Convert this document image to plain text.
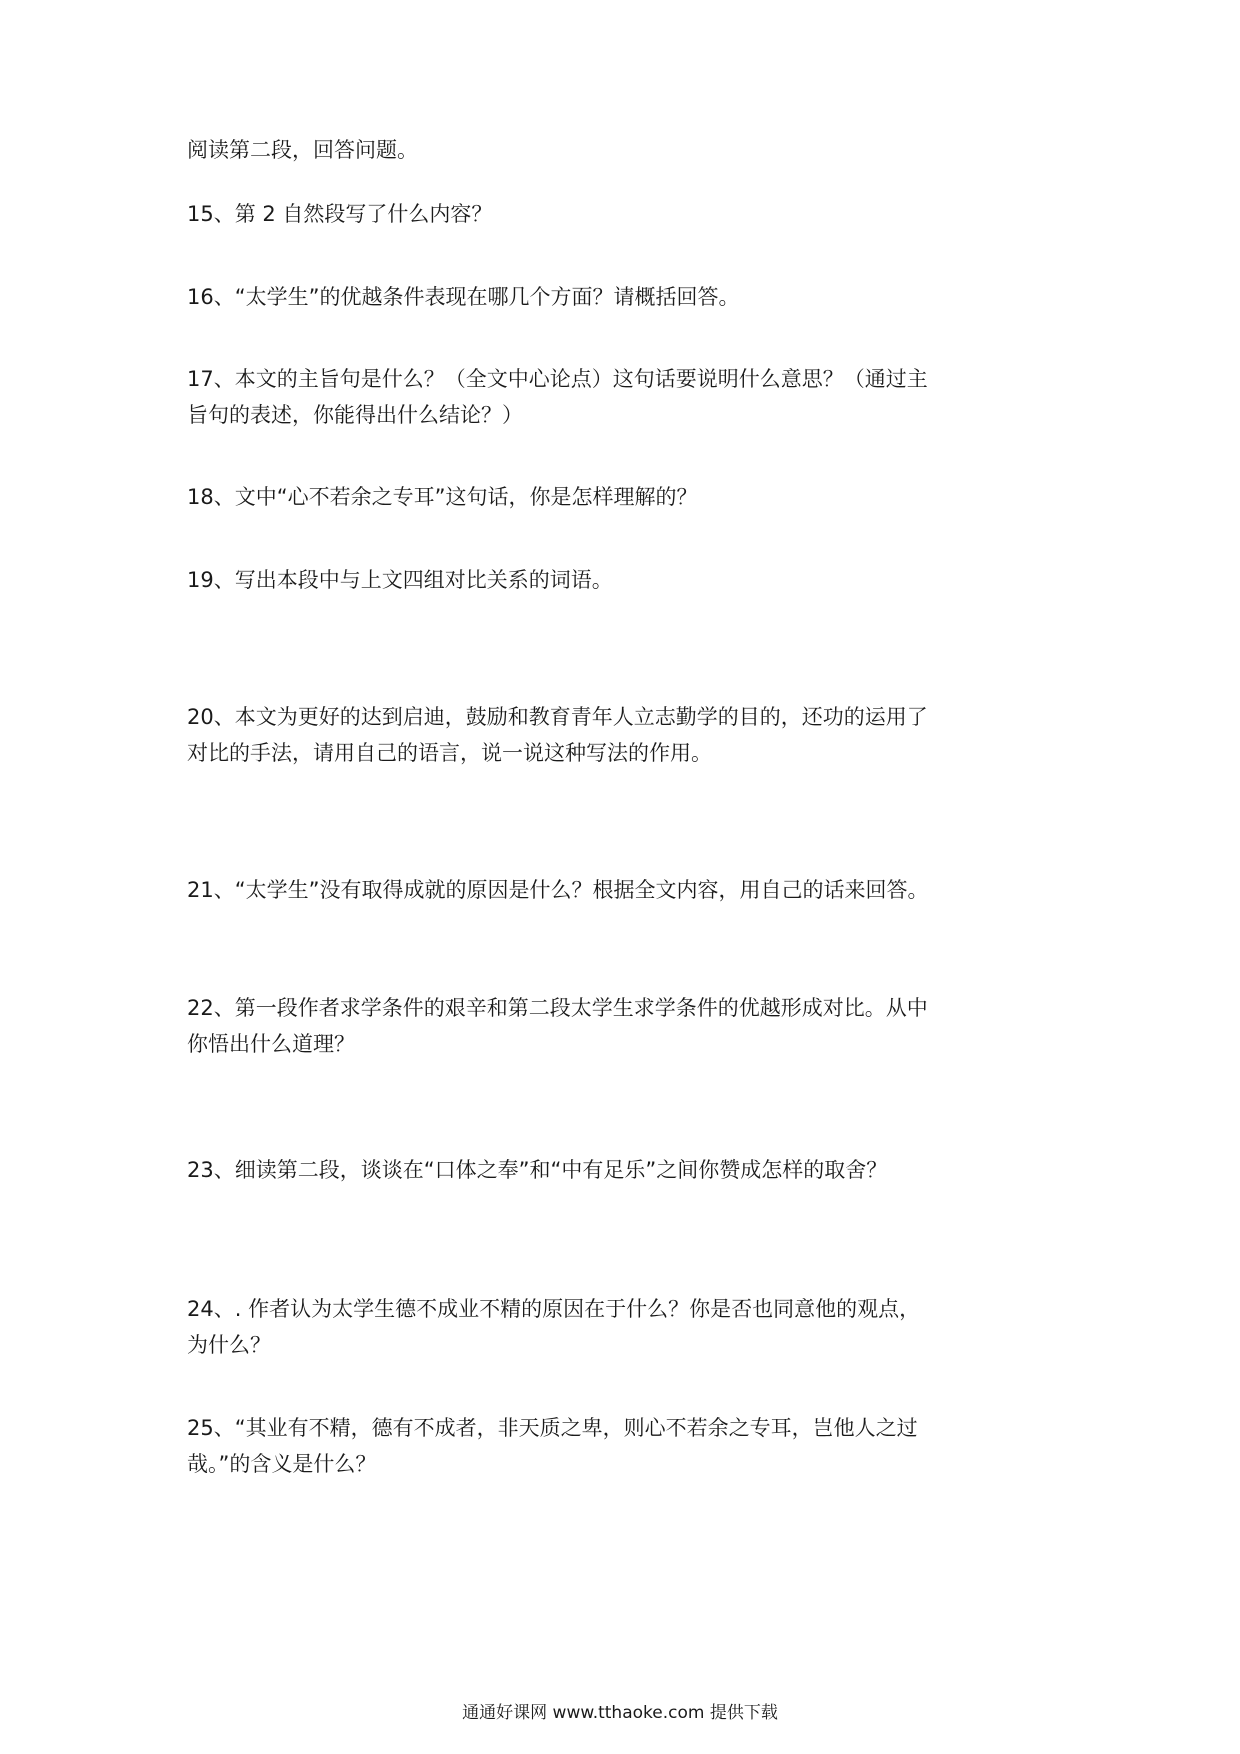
阅读第二段，回答问题。

15、第 2 自然段写了什么内容？

16、“太学生”的优越条件表现在哪几个方面？请概括回答。

17、本文的主旨句是什么？（全文中心论点）这句话要说明什么意思？（通过主

旨句的表述，你能得出什么结论？）

18、文中“心不若余之专耳”这句话，你是怎样理解的？

19、写出本段中与上文四组对比关系的词语。

20、本文为更好的达到启迪，鼓励和教育青年人立志勤学的目的，还功的运用了

对比的手法，请用自己的语言，说一说这种写法的作用。

21、“太学生”没有取得成就的原因是什么？根据全文内容，用自己的话来回答。

22、第一段作者求学条件的艰辛和第二段太学生求学条件的优越形成对比。从中

你悟出什么道理？

23、细读第二段，谈谈在“口体之奉”和“中有足乐”之间你赞成怎样的取舍？

24、. 作者认为太学生德不成业不精的原因在于什么？你是否也同意他的观点，

为什么？

25、“其业有不精，德有不成者，非天质之卑，则心不若余之专耳，岂他人之过

哉。”的含义是什么？

通通好课网 www.tthaoke.com 提供下载
